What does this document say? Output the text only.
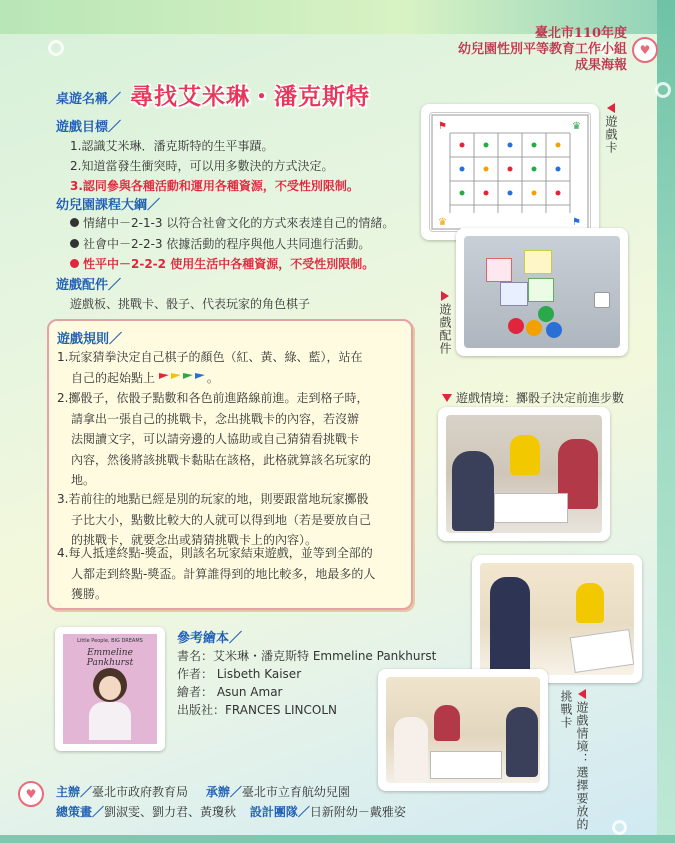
♥
♥
臺北市110年度
幼兒園性別平等教育工作小組
成果海報
桌遊名稱／ 尋找艾米琳・潘克斯特
遊戲目標／
1.認識艾米琳．潘克斯特的生平事蹟。
2.知道當發生衝突時，可以用多數決的方式決定。
3.認同參與各種活動和運用各種資源，不受性別限制。
幼兒園課程大綱／
情緒中－2-1-3 以符合社會文化的方式來表達自己的情緒。
社會中－2-2-3 依據活動的程序與他人共同進行活動。
性平中－2-2-2 使用生活中各種資源，不受性別限制。
遊戲配件／
遊戲板、挑戰卡、骰子、代表玩家的角色棋子
遊戲規則／
1.玩家猜拳決定自己棋子的顏色（紅、黃、綠、藍），站在
自己的起始點上	。
2.擲骰子，依骰子點數和各色前進路線前進。走到格子時，
請拿出一張自己的挑戰卡，念出挑戰卡的內容，若沒辦
法閱讀文字，可以請旁邊的人協助或自己猜猜看挑戰卡
內容，然後將該挑戰卡黏貼在該格，此格就算該名玩家的
地。
3.若前往的地點已經是別的玩家的地，則要跟當地玩家擲骰
子比大小，點數比較大的人就可以得到地（若是要放自己
的挑戰卡，就要念出或猜猜挑戰卡上的內容）。
4.每人抵達終點-獎盃，則該名玩家結束遊戲，並等到全部的
人都走到終點-獎盃。計算誰得到的地比較多，地最多的人
獲勝。
⚑	♛
♛	⚑
遊戲卡
遊戲配件
遊戲情境：擲骰子決定前進步數
遊戲情境：選擇要放的挑戰卡
Little People, BIG DREAMS
Emmeline Pankhurst
參考繪本／
書名：艾米琳・潘克斯特 Emmeline Pankhurst
作者： Lisbeth Kaiser
繪者： Asun Amar
出版社：FRANCES LINCOLN
主辦／臺北市政府教育局 承辦／臺北市立育航幼兒園
總策畫／劉淑雯、劉力君、黃瓊秋 設計團隊／日新附幼－戴雅姿
